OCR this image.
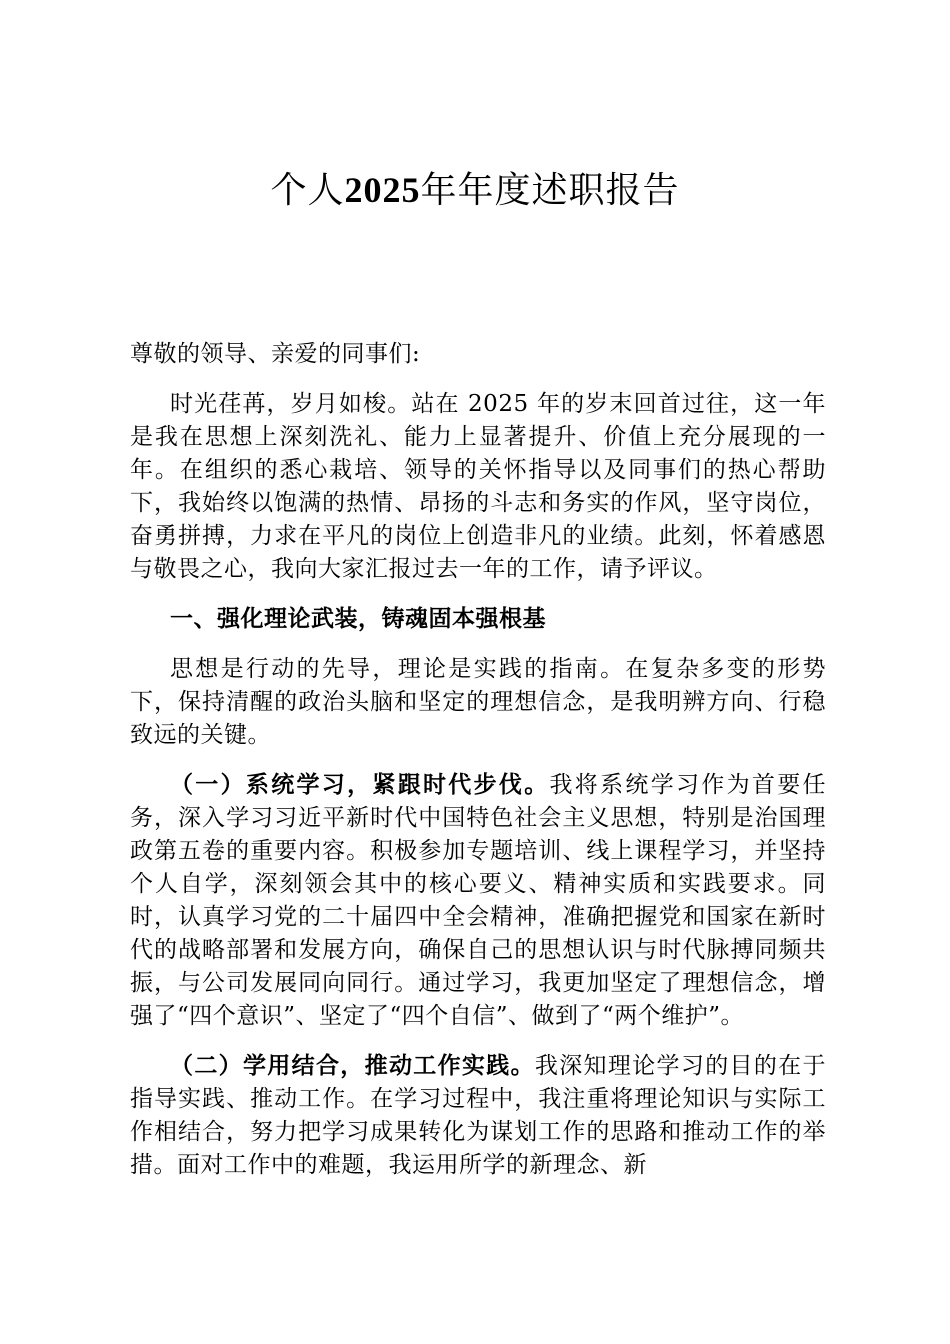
个人2025年年度述职报告

尊敬的领导、亲爱的同事们:

时光荏苒，岁月如梭。站在 2025 年的岁末回首过往，这一年是我在思想上深刻洗礼、能力上显著提升、价值上充分展现的一年。在组织的悉心栽培、领导的关怀指导以及同事们的热心帮助下，我始终以饱满的热情、昂扬的斗志和务实的作风，坚守岗位，奋勇拼搏，力求在平凡的岗位上创造非凡的业绩。此刻，怀着感恩与敬畏之心，我向大家汇报过去一年的工作，请予评议。

一、强化理论武装，铸魂固本强根基

思想是行动的先导，理论是实践的指南。在复杂多变的形势下，保持清醒的政治头脑和坚定的理想信念，是我明辨方向、行稳致远的关键。

（一）系统学习，紧跟时代步伐。我将系统学习作为首要任务，深入学习习近平新时代中国特色社会主义思想，特别是治国理政第五卷的重要内容。积极参加专题培训、线上课程学习，并坚持个人自学，深刻领会其中的核心要义、精神实质和实践要求。同时，认真学习党的二十届四中全会精神，准确把握党和国家在新时代的战略部署和发展方向，确保自己的思想认识与时代脉搏同频共振，与公司发展同向同行。通过学习，我更加坚定了理想信念，增强了“四个意识”、坚定了“四个自信”、做到了“两个维护”。

（二）学用结合，推动工作实践。我深知理论学习的目的在于指导实践、推动工作。在学习过程中，我注重将理论知识与实际工作相结合，努力把学习成果转化为谋划工作的思路和推动工作的举措。面对工作中的难题，我运用所学的新理念、新
